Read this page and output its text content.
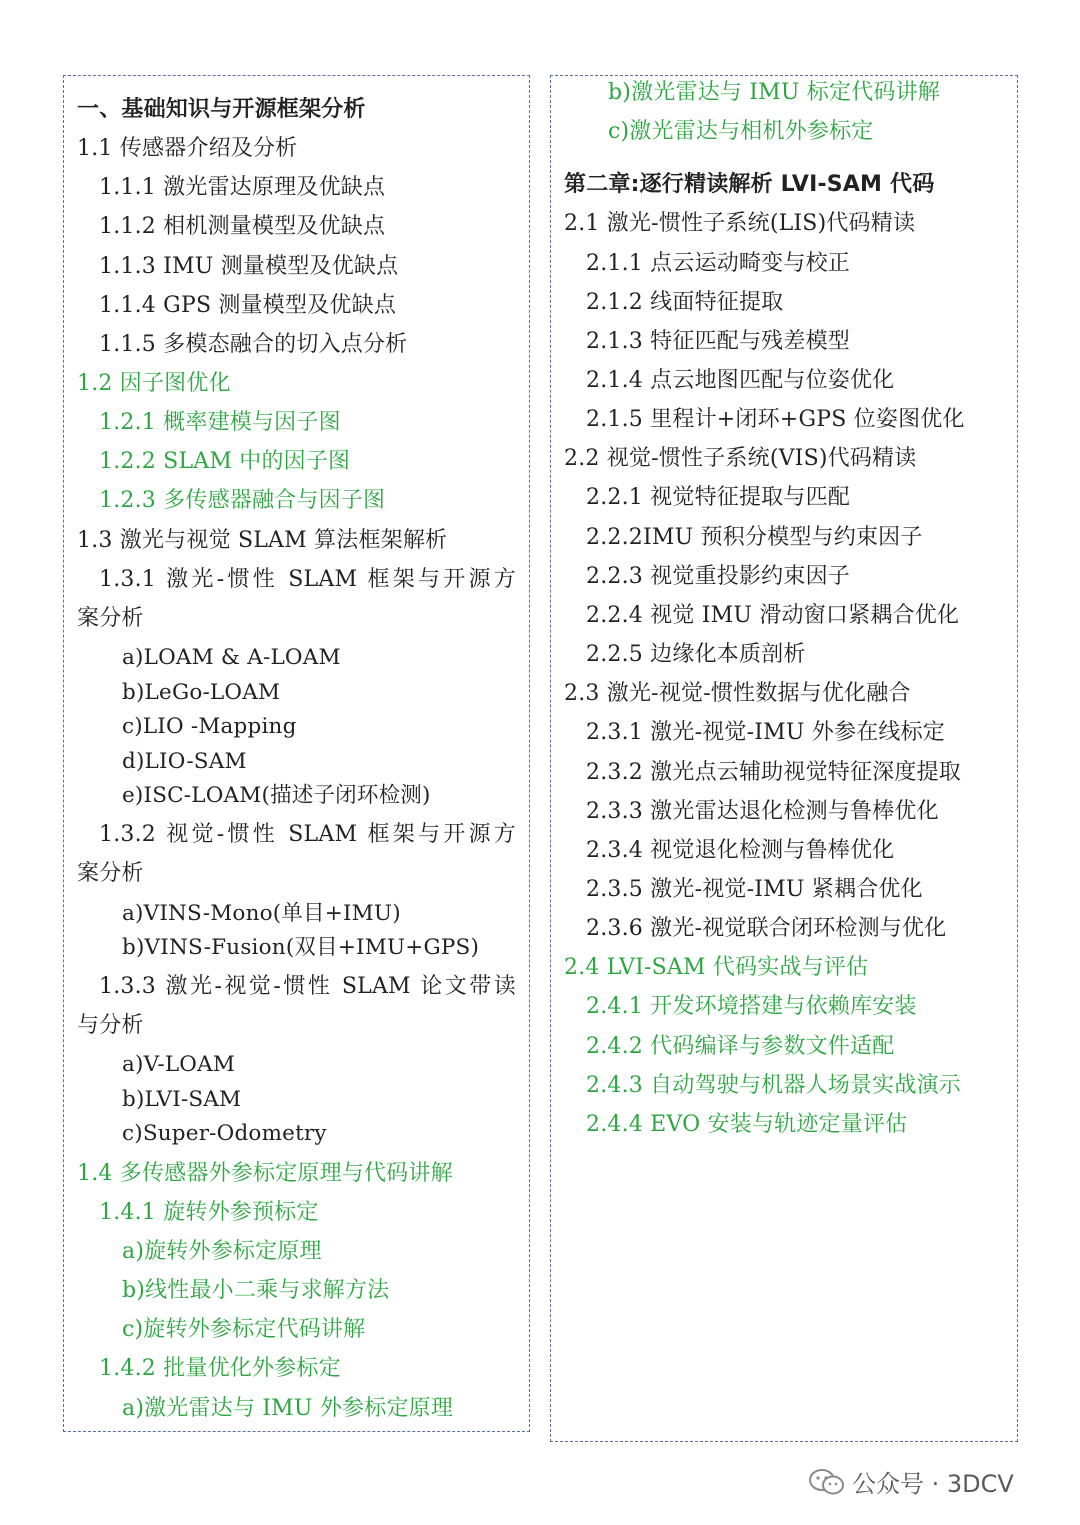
一、基础知识与开源框架分析
1.1 传感器介绍及分析
1.1.1 激光雷达原理及优缺点
1.1.2 相机测量模型及优缺点
1.1.3 IMU 测量模型及优缺点
1.1.4 GPS 测量模型及优缺点
1.1.5 多模态融合的切入点分析
1.2 因子图优化
1.2.1 概率建模与因子图
1.2.2 SLAM 中的因子图
1.2.3 多传感器融合与因子图
1.3 激光与视觉 SLAM 算法框架解析
1.3.1 激光-惯性 SLAM 框架与开源方
案分析
a)LOAM & A-LOAM
b)LeGo-LOAM
c)LIO -Mapping
d)LIO-SAM
e)ISC-LOAM(描述子闭环检测)
1.3.2 视觉-惯性 SLAM 框架与开源方
案分析
a)VINS-Mono(单目+IMU)
b)VINS-Fusion(双目+IMU+GPS)
1.3.3 激光-视觉-惯性 SLAM 论文带读
与分析
a)V-LOAM
b)LVI-SAM
c)Super-Odometry
1.4 多传感器外参标定原理与代码讲解
1.4.1 旋转外参预标定
a)旋转外参标定原理
b)线性最小二乘与求解方法
c)旋转外参标定代码讲解
1.4.2 批量优化外参标定
a)激光雷达与 IMU 外参标定原理
b)激光雷达与 IMU 标定代码讲解
c)激光雷达与相机外参标定
第二章:逐行精读解析 LVI-SAM 代码
2.1 激光-惯性子系统(LIS)代码精读
2.1.1 点云运动畸变与校正
2.1.2 线面特征提取
2.1.3 特征匹配与残差模型
2.1.4 点云地图匹配与位姿优化
2.1.5 里程计+闭环+GPS 位姿图优化
2.2 视觉-惯性子系统(VIS)代码精读
2.2.1 视觉特征提取与匹配
2.2.2IMU 预积分模型与约束因子
2.2.3 视觉重投影约束因子
2.2.4 视觉 IMU 滑动窗口紧耦合优化
2.2.5 边缘化本质剖析
2.3 激光-视觉-惯性数据与优化融合
2.3.1 激光-视觉-IMU 外参在线标定
2.3.2 激光点云辅助视觉特征深度提取
2.3.3 激光雷达退化检测与鲁棒优化
2.3.4 视觉退化检测与鲁棒优化
2.3.5 激光-视觉-IMU 紧耦合优化
2.3.6 激光-视觉联合闭环检测与优化
2.4 LVI-SAM 代码实战与评估
2.4.1 开发环境搭建与依赖库安装
2.4.2 代码编译与参数文件适配
2.4.3 自动驾驶与机器人场景实战演示
2.4.4 EVO 安装与轨迹定量评估
公众号 · 3DCV
